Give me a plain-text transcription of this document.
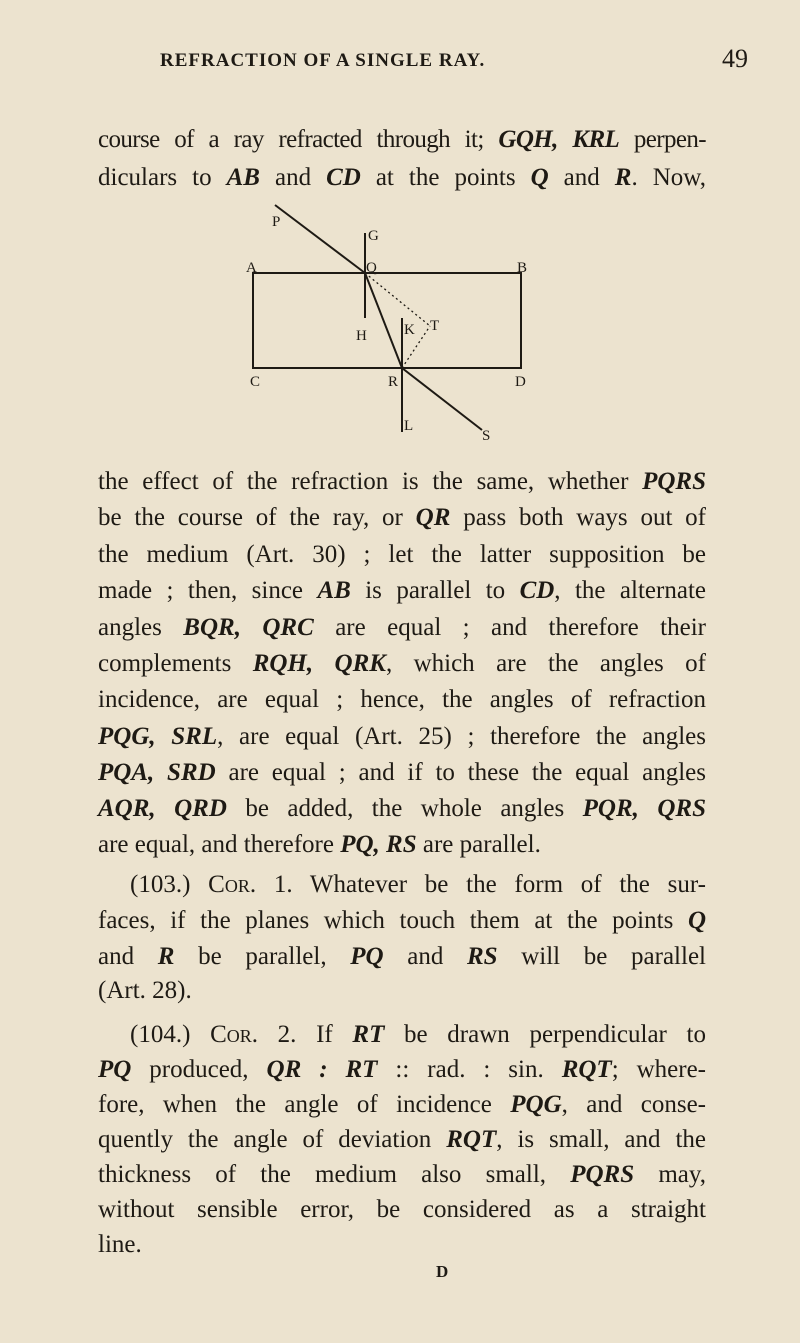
REFRACTION OF A SINGLE RAY.	49
P
G
A	Q	B
H K T
C	R	D
L
S
course of a ray refracted through it; GQH, KRL perpen-
diculars to AB and CD at the points Q and R. Now,
the effect of the refraction is the same, whether PQRS
be the course of the ray, or QR pass both ways out of
the medium (Art. 30) ; let the latter supposition be
made ; then, since AB is parallel to CD, the alternate
angles BQR, QRC are equal ; and therefore their
complements RQH, QRK, which are the angles of
incidence, are equal ; hence, the angles of refraction
PQG, SRL, are equal (Art. 25) ; therefore the angles
PQA, SRD are equal ; and if to these the equal angles
AQR, QRD be added, the whole angles PQR, QRS
are equal, and therefore PQ, RS are parallel.
(103.) Cor. 1. Whatever be the form of the sur-
faces, if the planes which touch them at the points Q
and R be parallel, PQ and RS will be parallel
(Art. 28).
(104.) Cor. 2. If RT be drawn perpendicular to
PQ produced, QR : RT :: rad. : sin. RQT; where-
fore, when the angle of incidence PQG, and conse-
quently the angle of deviation RQT, is small, and the
thickness of the medium also small, PQRS may,
without sensible error, be considered as a straight
line.
D
